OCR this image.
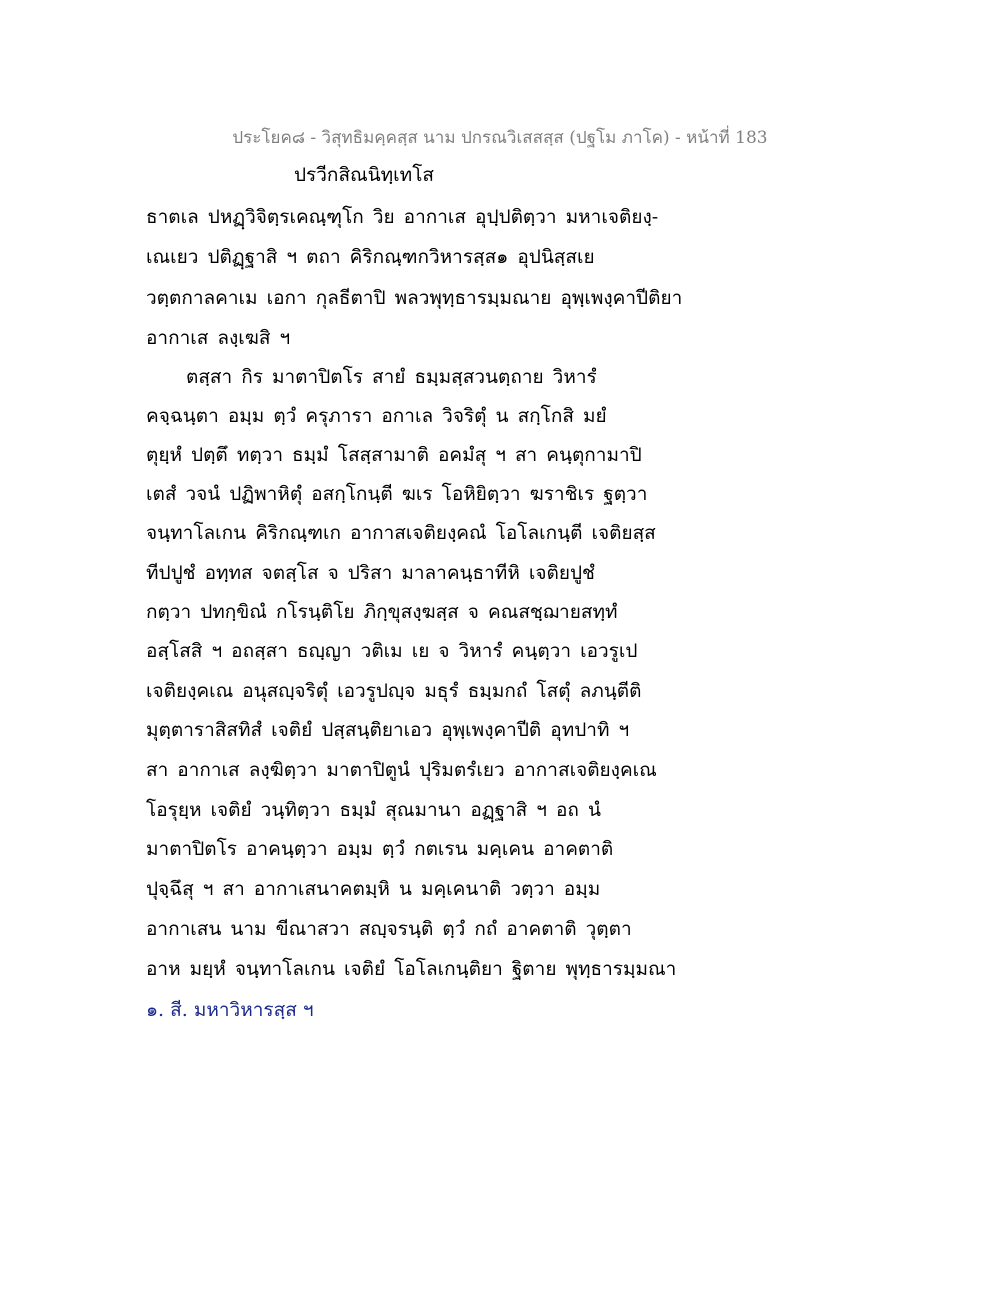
ประโยค๘ - วิสุทธิมคฺคสฺส นาม ปกรณวิเสสสฺส (ปฐโม ภาโค) - หน้าที่ 183
ปรวีกสิณนิทฺเทโส
ธาตเล ปหฏฺวิจิตฺรเคณฺฑุโก วิย อากาเส อุปฺปติตฺวา มหาเจติยงฺ-
เณเยว ปติฏฺฐาสิ ฯ ตถา คิริกณฺฑกวิหารสฺส๑ อุปนิสฺสเย
วตฺตกาลคาเม เอกา กุลธีตาปิ พลวพุทฺธารมฺมณาย อุพฺเพงฺคาปีติยา
อากาเส ลงฺเฆสิ ฯ
ตสฺสา กิร มาตาปิตโร สายํ ธมฺมสฺสวนตฺถาย วิหารํ
คจฺฉนฺตา อมฺม ตฺวํ ครุภารา อกาเล วิจริตุํ น สกฺโกสิ มยํ
ตุยฺหํ ปตฺตึ ทตฺวา ธมฺมํ โสสฺสามาติ อคมํสุ ฯ สา คนฺตุกามาปิ
เตสํ วจนํ ปฏิพาหิตุํ อสกฺโกนฺตี ฆเร โอหิยิตฺวา ฆราชิเร ฐตฺวา
จนฺทาโลเกน คิริกณฺฑเก อากาสเจติยงฺคณํ โอโลเกนฺตี เจติยสฺส
ทีปปูชํ อทฺทส จตสฺโส จ ปริสา มาลาคนฺธาทีหิ เจติยปูชํ
กตฺวา ปทกฺขิณํ กโรนฺติโย ภิกฺขุสงฺฆสฺส จ คณสชฺฌายสทฺทํ
อสฺโสสิ ฯ อถสฺสา ธญฺญา วติเม เย จ วิหารํ คนฺตฺวา เอวรูเป
เจติยงฺคเณ อนุสญฺจริตุํ เอวรูปญฺจ มธุรํ ธมฺมกถํ โสตุํ ลภนฺตีติ
มุตฺตาราสิสทิสํ เจติยํ ปสฺสนฺติยาเอว อุพฺเพงฺคาปีติ อุทปาทิ ฯ
สา อากาเส ลงฺฆิตฺวา มาตาปิตูนํ ปุริมตรํเยว อากาสเจติยงฺคเณ
โอรุยฺห เจติยํ วนฺทิตฺวา ธมฺมํ สุณมานา อฏฺฐาสิ ฯ อถ นํ
มาตาปิตโร อาคนฺตฺวา อมฺม ตฺวํ กตเรน มคฺเคน อาคตาติ
ปุจฺฉึสุ ฯ สา อากาเสนาคตมฺหิ น มคฺเคนาติ วตฺวา อมฺม
อากาเสน นาม ขีณาสวา สญฺจรนฺติ ตฺวํ กถํ อาคตาติ วุตฺตา
อาห มยฺหํ จนฺทาโลเกน เจติยํ โอโลเกนฺติยา ฐิตาย พุทฺธารมฺมณา
๑. สี. มหาวิหารสฺส ฯ
